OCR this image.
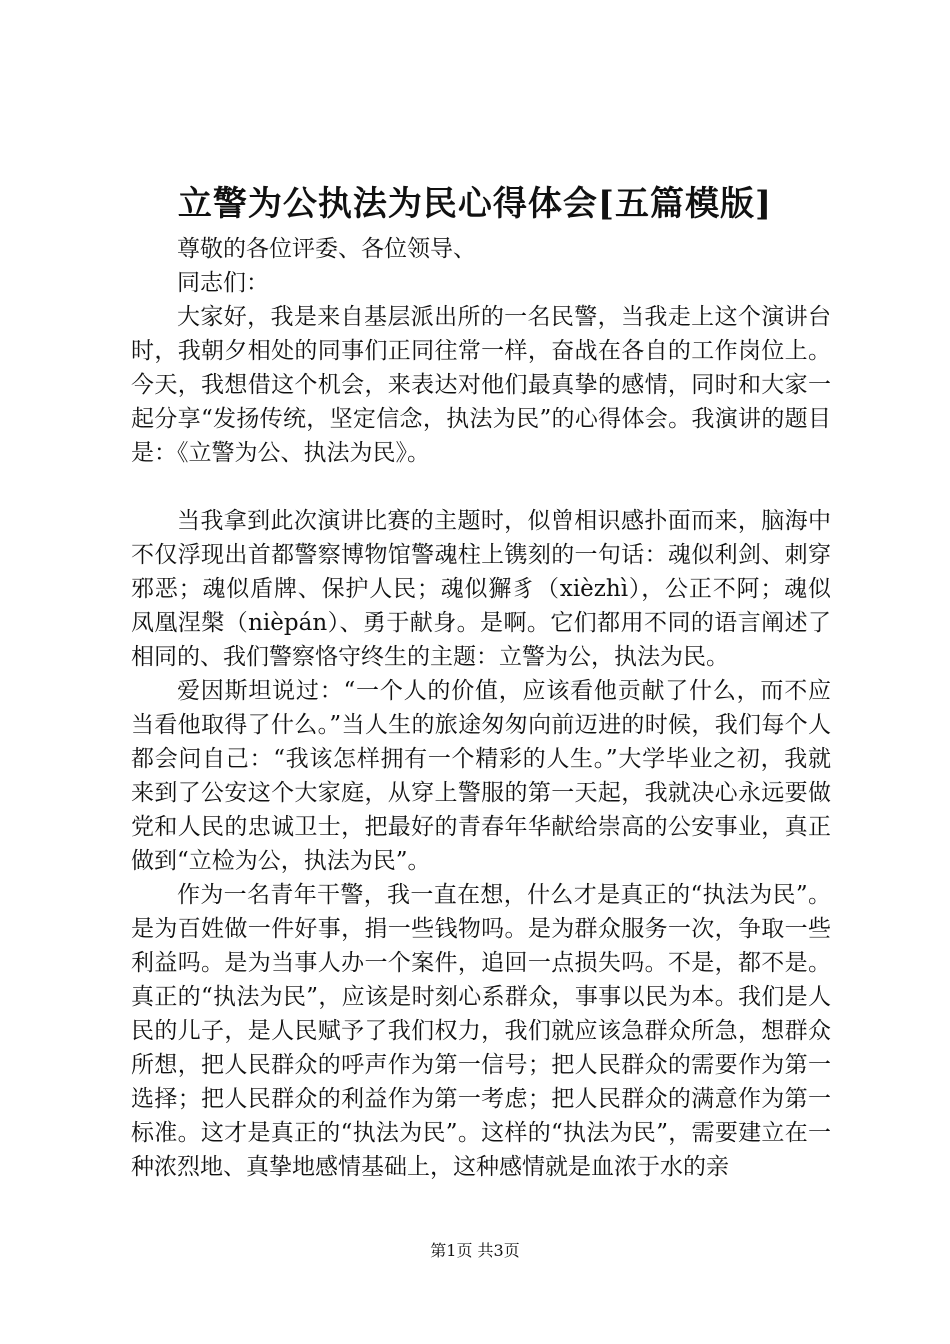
立警为公执法为民心得体会[五篇模版]

尊敬的各位评委、各位领导、

同志们：

大家好，我是来自基层派出所的一名民警，当我走上这个演讲台时，我朝夕相处的同事们正同往常一样，奋战在各自的工作岗位上。今天，我想借这个机会，来表达对他们最真挚的感情，同时和大家一起分享“发扬传统，坚定信念，执法为民”的心得体会。我演讲的题目是：《立警为公、执法为民》。

当我拿到此次演讲比赛的主题时，似曾相识感扑面而来，脑海中不仅浮现出首都警察博物馆警魂柱上镌刻的一句话：魂似利剑、刺穿邪恶；魂似盾牌、保护人民；魂似獬豸（xièzhì），公正不阿；魂似凤凰涅槃（nièpán）、勇于献身。是啊。它们都用不同的语言阐述了相同的、我们警察恪守终生的主题：立警为公，执法为民。

爱因斯坦说过：“一个人的价值，应该看他贡献了什么，而不应当看他取得了什么。”当人生的旅途匆匆向前迈进的时候，我们每个人都会问自己：“我该怎样拥有一个精彩的人生。”大学毕业之初，我就来到了公安这个大家庭，从穿上警服的第一天起，我就决心永远要做党和人民的忠诚卫士，把最好的青春年华献给崇高的公安事业，真正做到“立检为公，执法为民”。

作为一名青年干警，我一直在想，什么才是真正的“执法为民”。是为百姓做一件好事，捐一些钱物吗。是为群众服务一次，争取一些利益吗。是为当事人办一个案件，追回一点损失吗。不是，都不是。真正的“执法为民”，应该是时刻心系群众，事事以民为本。我们是人民的儿子，是人民赋予了我们权力，我们就应该急群众所急，想群众所想，把人民群众的呼声作为第一信号；把人民群众的需要作为第一选择；把人民群众的利益作为第一考虑；把人民群众的满意作为第一标准。这才是真正的“执法为民”。这样的“执法为民”，需要建立在一种浓烈地、真挚地感情基础上，这种感情就是血浓于水的亲

第1页 共3页
